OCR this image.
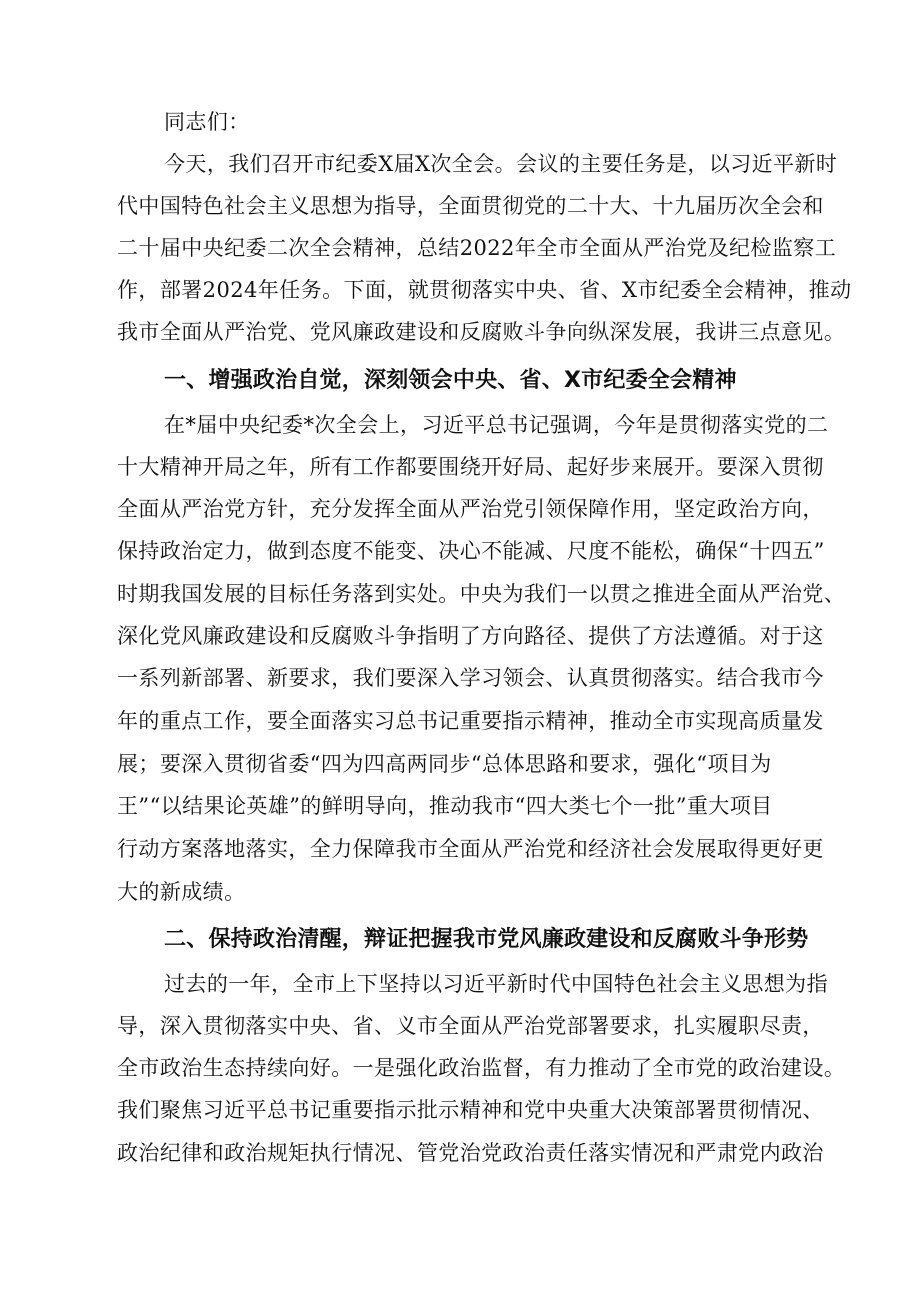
同志们：
今天，我们召开市纪委X届X次全会。会议的主要任务是，以习近平新时
代中国特色社会主义思想为指导，全面贯彻党的二十大、十九届历次全会和
二十届中央纪委二次全会精神，总结2022年全市全面从严治党及纪检监察工
作，部署2024年任务。下面，就贯彻落实中央、省、X市纪委全会精神，推动
我市全面从严治党、党风廉政建设和反腐败斗争向纵深发展，我讲三点意见。
一、增强政治自觉，深刻领会中央、省、X市纪委全会精神
在*届中央纪委*次全会上，习近平总书记强调，今年是贯彻落实党的二
十大精神开局之年，所有工作都要围绕开好局、起好步来展开。要深入贯彻
全面从严治党方针，充分发挥全面从严治党引领保障作用，坚定政治方向，
保持政治定力，做到态度不能变、决心不能减、尺度不能松，确保“十四五”
时期我国发展的目标任务落到实处。中央为我们一以贯之推进全面从严治党、
深化党风廉政建设和反腐败斗争指明了方向路径、提供了方法遵循。对于这
一系列新部署、新要求，我们要深入学习领会、认真贯彻落实。结合我市今
年的重点工作，要全面落实习总书记重要指示精神，推动全市实现高质量发
展；要深入贯彻省委“四为四高两同步“总体思路和要求，强化“项目为
王”“以结果论英雄”的鲜明导向，推动我市“四大类七个一批”重大项目
行动方案落地落实，全力保障我市全面从严治党和经济社会发展取得更好更
大的新成绩。
二、保持政治清醒，辩证把握我市党风廉政建设和反腐败斗争形势
过去的一年，全市上下坚持以习近平新时代中国特色社会主义思想为指
导，深入贯彻落实中央、省、义市全面从严治党部署要求，扎实履职尽责，
全市政治生态持续向好。一是强化政治监督，有力推动了全市党的政治建设。
我们聚焦习近平总书记重要指示批示精神和党中央重大决策部署贯彻情况、
政治纪律和政治规矩执行情况、管党治党政治责任落实情况和严肃党内政治
